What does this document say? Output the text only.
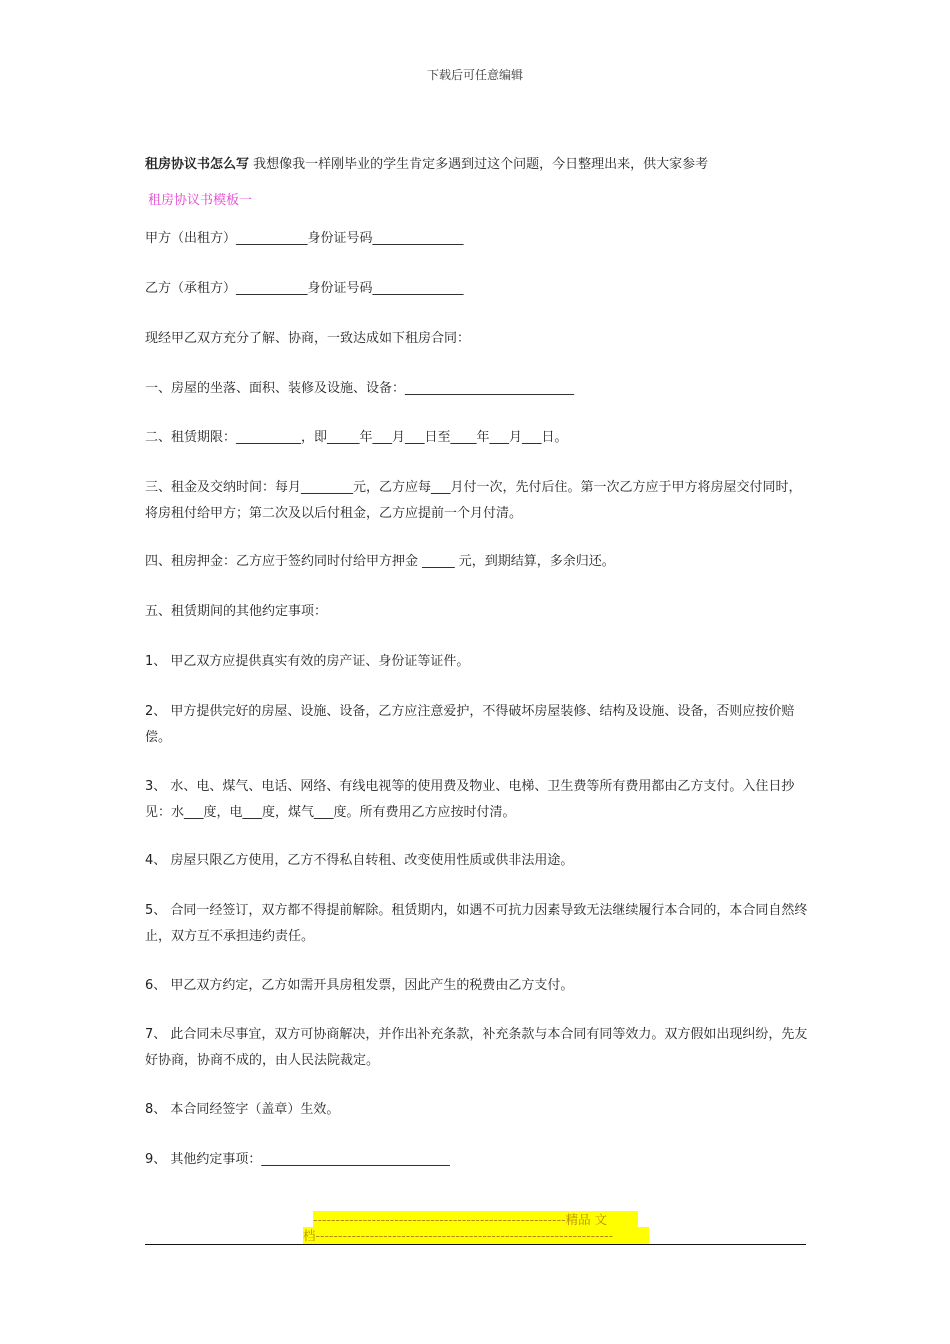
下载后可任意编辑
租房协议书怎么写 我想像我一样刚毕业的学生肯定多遇到过这个问题，今日整理出来，供大家参考
租房协议书模板一
甲方（出租方）___________身份证号码______________
乙方（承租方）___________身份证号码______________
现经甲乙双方充分了解、协商，一致达成如下租房合同：
一、房屋的坐落、面积、装修及设施、设备：__________________________
二、租赁期限：__________，即_____年___月___日至____年___月___日。
三、租金及交纳时间：每月________元，乙方应每___月付一次，先付后住。第一次乙方应于甲方将房屋交付同时，将房租付给甲方；第二次及以后付租金，乙方应提前一个月付清。
四、租房押金：乙方应于签约同时付给甲方押金 _____ 元，到期结算，多余归还。
五、租赁期间的其他约定事项：
1、 甲乙双方应提供真实有效的房产证、身份证等证件。
2、 甲方提供完好的房屋、设施、设备，乙方应注意爱护，不得破坏房屋装修、结构及设施、设备，否则应按价赔偿。
3、 水、电、煤气、电话、网络、有线电视等的使用费及物业、电梯、卫生费等所有费用都由乙方支付。入住日抄见：水___度，电___度，煤气___度。所有费用乙方应按时付清。
4、 房屋只限乙方使用，乙方不得私自转租、改变使用性质或供非法用途。
5、 合同一经签订，双方都不得提前解除。租赁期内，如遇不可抗力因素导致无法继续履行本合同的，本合同自然终止，双方互不承担违约责任。
6、 甲乙双方约定，乙方如需开具房租发票，因此产生的税费由乙方支付。
7、 此合同未尽事宜，双方可协商解决，并作出补充条款，补充条款与本合同有同等效力。双方假如出现纠纷，先友好协商，协商不成的，由人民法院裁定。
8、 本合同经签字（盖章）生效。
9、 其他约定事项：_____________________________
--------------------------------------------------------精品 文
档------------------------------------------------------------------
